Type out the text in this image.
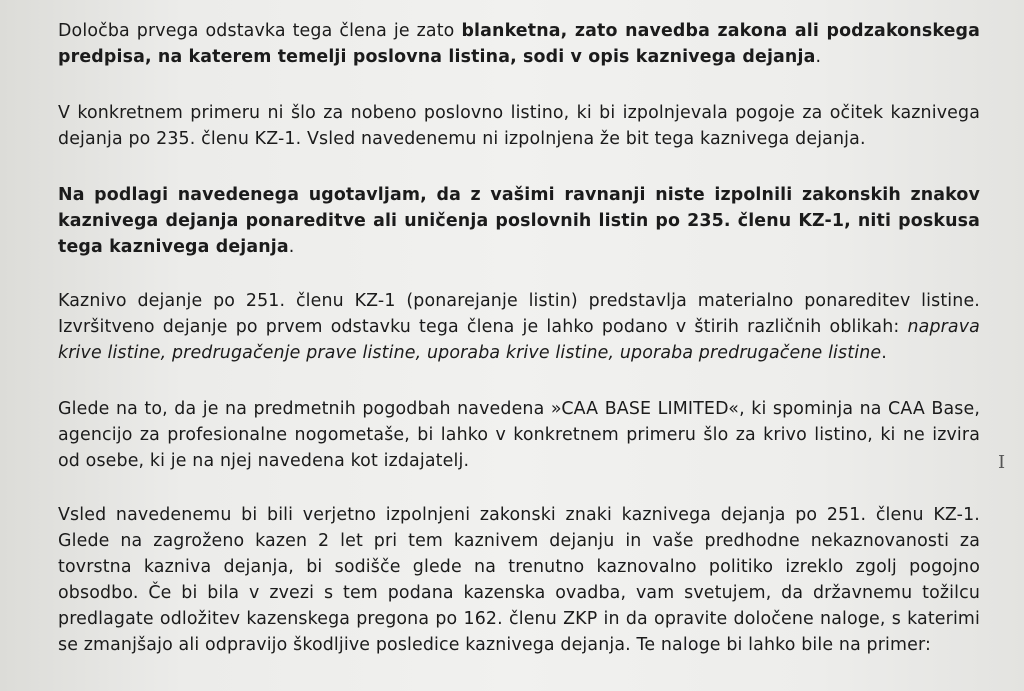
Določba prvega odstavka tega člena je zato blanketna, zato navedba zakona ali podzakonskega predpisa, na katerem temelji poslovna listina, sodi v opis kaznivega dejanja.

V konkretnem primeru ni šlo za nobeno poslovno listino, ki bi izpolnjevala pogoje za očitek kaznivega dejanja po 235. členu KZ-1. Vsled navedenemu ni izpolnjena že bit tega kaznivega dejanja.

Na podlagi navedenega ugotavljam, da z vašimi ravnanji niste izpolnili zakonskih znakov kaznivega dejanja ponareditve ali uničenja poslovnih listin po 235. členu KZ-1, niti poskusa tega kaznivega dejanja.

Kaznivo dejanje po 251. členu KZ-1 (ponarejanje listin) predstavlja materialno ponareditev listine. Izvršitveno dejanje po prvem odstavku tega člena je lahko podano v štirih različnih oblikah: naprava krive listine, predrugačenje prave listine, uporaba krive listine, uporaba predrugačene listine.

Glede na to, da je na predmetnih pogodbah navedena »CAA BASE LIMITED«, ki spominja na CAA Base, agencijo za profesionalne nogometaše, bi lahko v konkretnem primeru šlo za krivo listino, ki ne izvira od osebe, ki je na njej navedena kot izdajatelj.

Vsled navedenemu bi bili verjetno izpolnjeni zakonski znaki kaznivega dejanja po 251. členu KZ-1. Glede na zagroženo kazen 2 let pri tem kaznivem dejanju in vaše predhodne nekaznovanosti za tovrstna kazniva dejanja, bi sodišče glede na trenutno kaznovalno politiko izreklo zgolj pogojno obsodbo. Če bi bila v zvezi s tem podana kazenska ovadba, vam svetujem, da državnemu tožilcu predlagate odložitev kazenskega pregona po 162. členu ZKP in da opravite določene naloge, s katerimi se zmanjšajo ali odpravijo škodljive posledice kaznivega dejanja. Te naloge bi lahko bile na primer:

I
